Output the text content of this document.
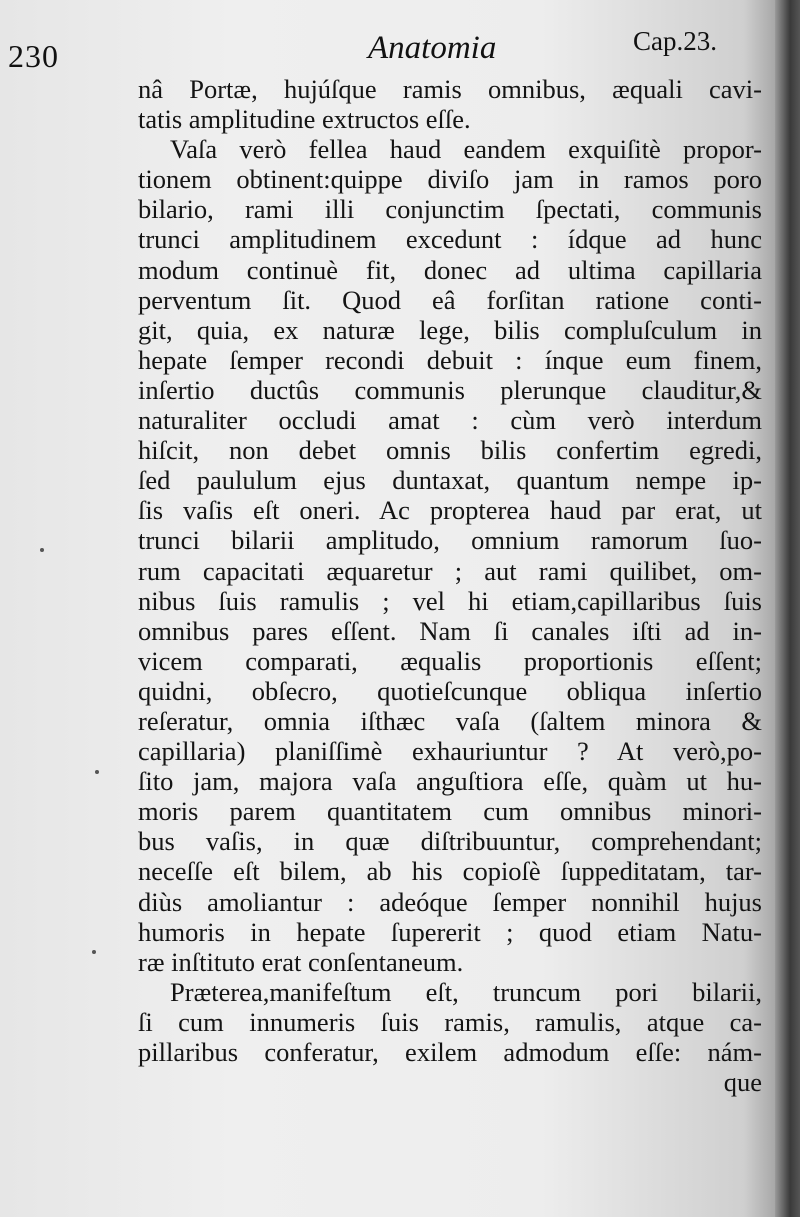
230	Anatomia	Cap.23.
nâ Portæ, hujúſque ramis omnibus, æquali cavi-
tatis amplitudine extructos eſſe.
Vaſa verò fellea haud eandem exquiſitè propor-
tionem obtinent:quippe diviſo jam in ramos poro
bilario, rami illi conjunctim ſpectati, communis
trunci amplitudinem excedunt : ídque ad hunc
modum continuè fit, donec ad ultima capillaria
perventum ſit. Quod eâ forſitan ratione conti-
git, quia, ex naturæ lege, bilis compluſculum in
hepate ſemper recondi debuit : ínque eum finem,
inſertio ductûs communis plerunque clauditur,&
naturaliter occludi amat : cùm verò interdum
hiſcit, non debet omnis bilis confertim egredi,
ſed paululum ejus duntaxat, quantum nempe ip-
ſis vaſis eſt oneri. Ac propterea haud par erat, ut
trunci bilarii amplitudo, omnium ramorum ſuo-
rum capacitati æquaretur ; aut rami quilibet, om-
nibus ſuis ramulis ; vel hi etiam,capillaribus ſuis
omnibus pares eſſent. Nam ſi canales iſti ad in-
vicem comparati, æqualis proportionis eſſent;
quidni, obſecro, quotieſcunque obliqua inſertio
reſeratur, omnia iſthæc vaſa (ſaltem minora &
capillaria) planiſſimè exhauriuntur ? At verò,po-
ſito jam, majora vaſa anguſtiora eſſe, quàm ut hu-
moris parem quantitatem cum omnibus minori-
bus vaſis, in quæ diſtribuuntur, comprehendant;
neceſſe eſt bilem, ab his copioſè ſuppeditatam, tar-
diùs amoliantur : adeóque ſemper nonnihil hujus
humoris in hepate ſupererit ; quod etiam Natu-
ræ inſtituto erat conſentaneum.
Præterea,manifeſtum eſt, truncum pori bilarii,
ſi cum innumeris ſuis ramis, ramulis, atque ca-
pillaribus conferatur, exilem admodum eſſe: nám-
que
